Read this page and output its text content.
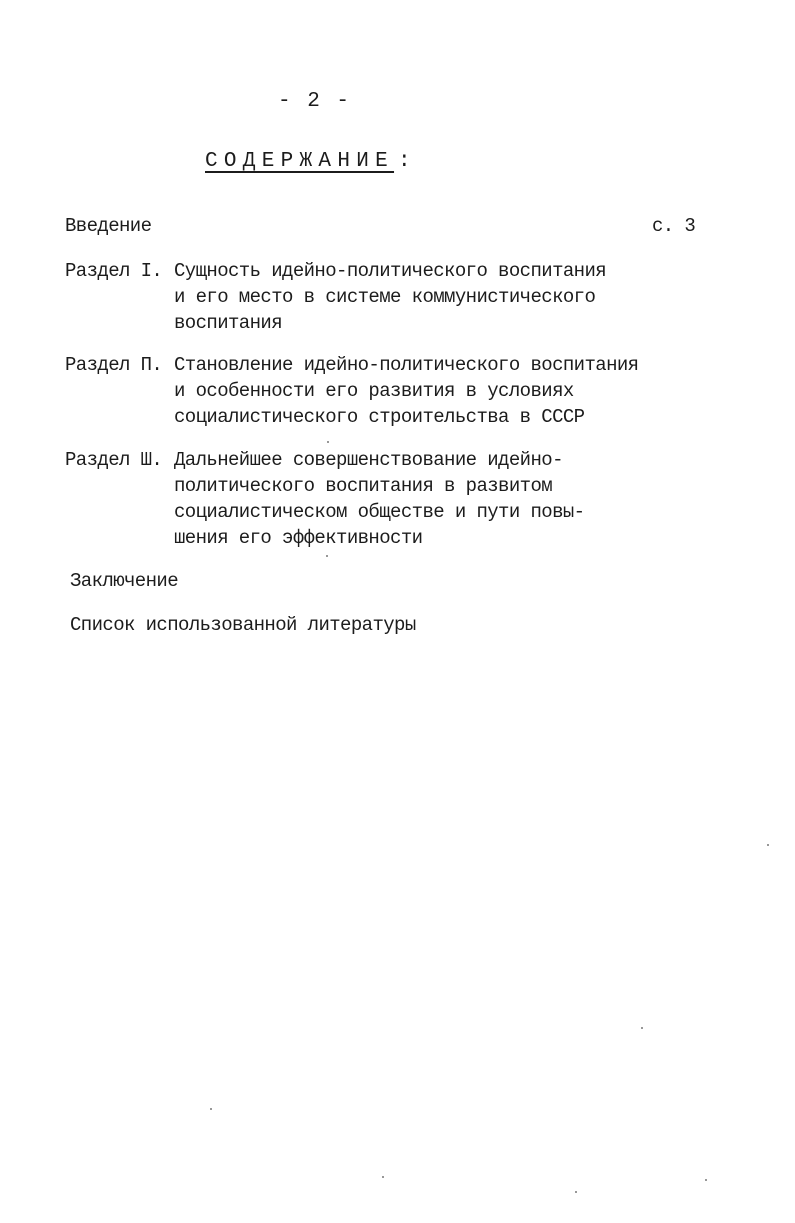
- 2 -
СОДЕРЖАНИЕ :
Введение	с. 3
Раздел I. Сущность идейно-политического воспитания
и его место в системе коммунистического
воспитания
Раздел П. Становление идейно-политического воспитания
и особенности его развития в условиях
социалистического строительства в СССР
Раздел Ш. Дальнейшее совершенствование идейно-
политического воспитания в развитом
социалистическом обществе и пути повы-
шения его эффективности
Заключение
Список использованной литературы
